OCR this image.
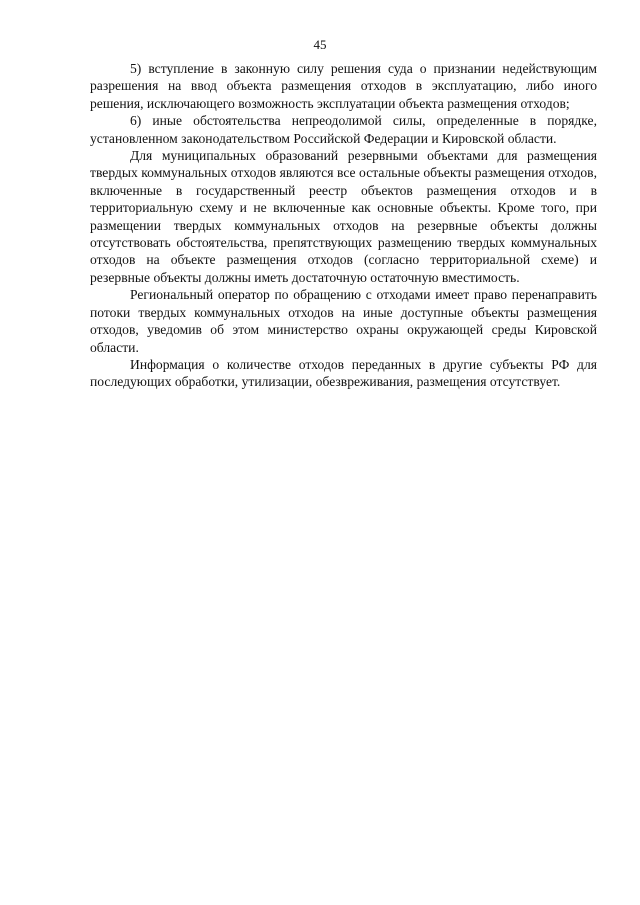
45

5) вступление в законную силу решения суда о признании недействующим разрешения на ввод объекта размещения отходов в эксплуатацию, либо иного решения, исключающего возможность эксплуатации объекта размещения отходов;

6) иные обстоятельства непреодолимой силы, определенные в порядке, установленном законодательством Российской Федерации и Кировской области.

Для муниципальных образований резервными объектами для размещения твердых коммунальных отходов являются все остальные объекты размещения отходов, включенные в государственный реестр объектов размещения отходов и в территориальную схему и не включенные как основные объекты. Кроме того, при размещении твердых коммунальных отходов на резервные объекты должны отсутствовать обстоятельства, препятствующих размещению твердых коммунальных отходов на объекте размещения отходов (согласно территориальной схеме) и резервные объекты должны иметь достаточную остаточную вместимость.

Региональный оператор по обращению с отходами имеет право перенаправить потоки твердых коммунальных отходов на иные доступные объекты размещения отходов, уведомив об этом министерство охраны окружающей среды Кировской области.

Информация о количестве отходов переданных в другие субъекты РФ для последующих обработки, утилизации, обезвреживания, размещения отсутствует.
